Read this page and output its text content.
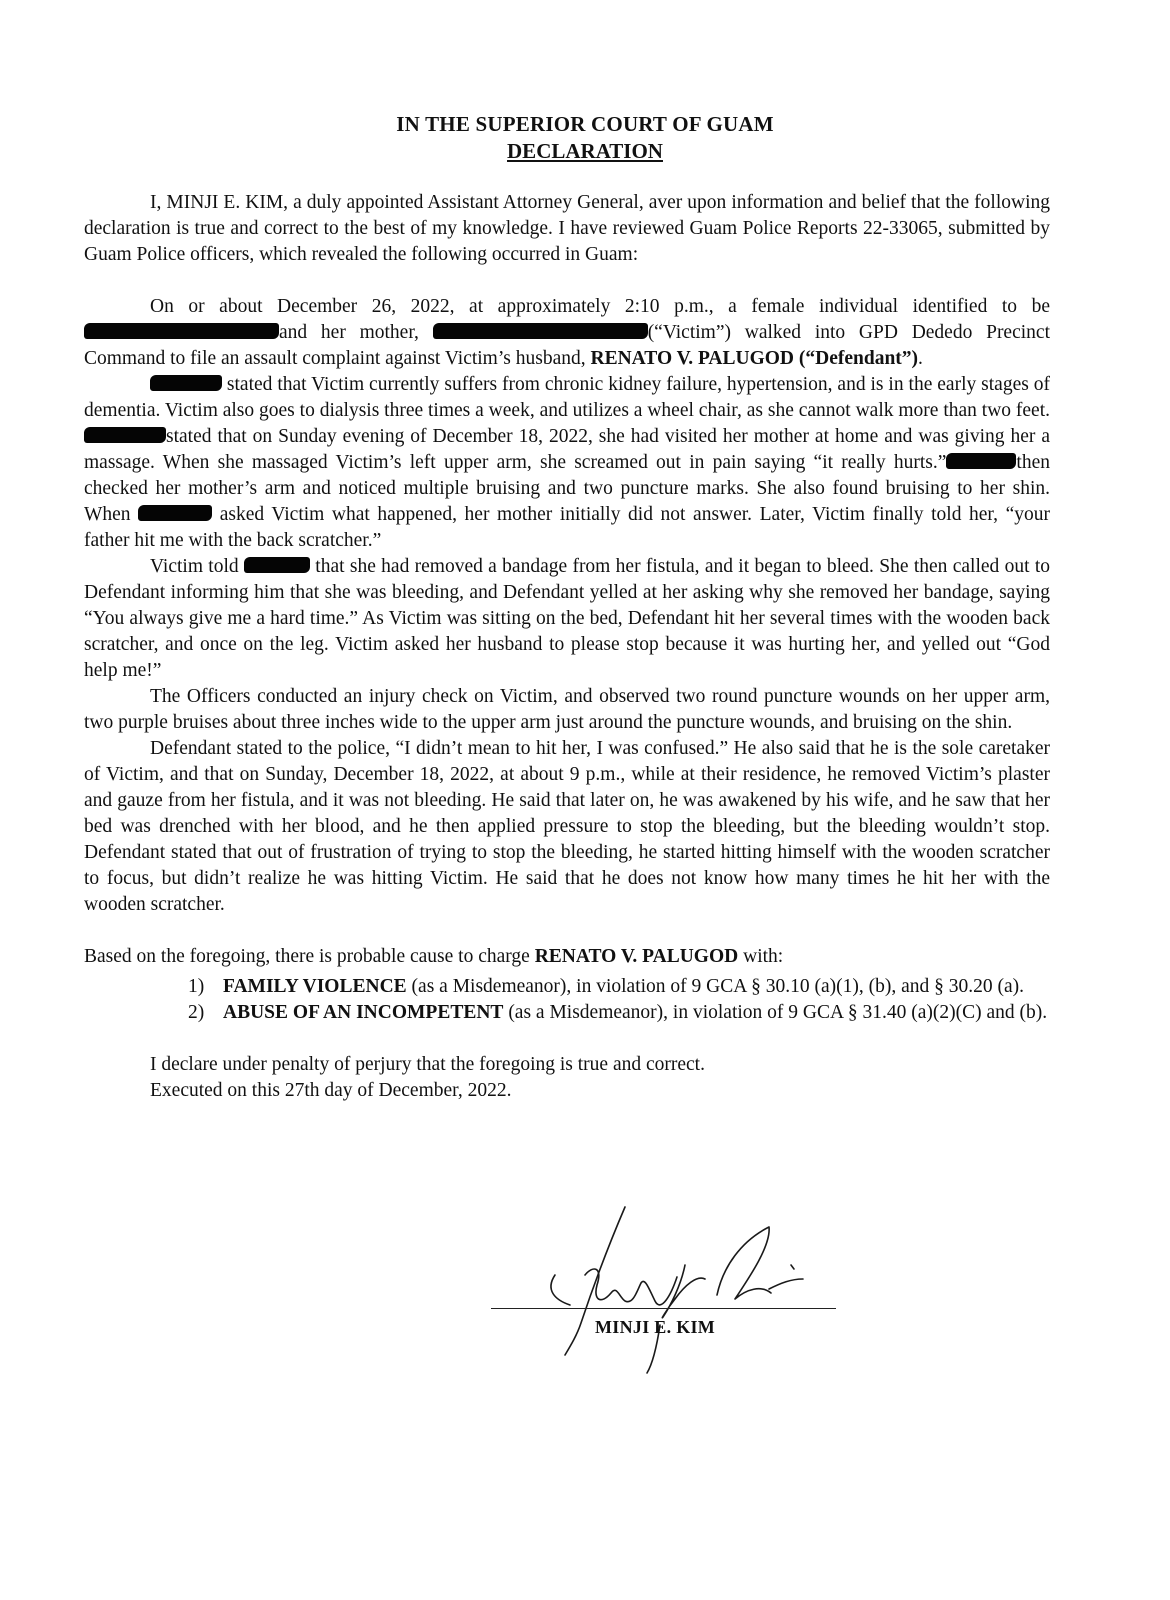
IN THE SUPERIOR COURT OF GUAM
DECLARATION

I, MINJI E. KIM, a duly appointed Assistant Attorney General, aver upon information and belief that the following declaration is true and correct to the best of my knowledge. I have reviewed Guam Police Reports 22-33065, submitted by Guam Police officers, which revealed the following occurred in Guam:

On or about December 26, 2022, at approximately 2:10 p.m., a female individual identified to be and her mother,	(“Victim”) walked into GPD Dededo Precinct Command to file an assault complaint against Victim’s husband, RENATO V. PALUGOD (“Defendant”).

stated that Victim currently suffers from chronic kidney failure, hypertension, and is in the early stages of dementia. Victim also goes to dialysis three times a week, and utilizes a wheel chair, as she cannot walk more than two feet. stated that on Sunday evening of December 18, 2022, she had visited her mother at home and was giving her a massage. When she massaged Victim’s left upper arm, she screamed out in pain saying “it really hurts.”	then checked her mother’s arm and noticed multiple bruising and two puncture marks. She also found bruising to her shin. When	asked Victim what happened, her mother initially did not answer. Later, Victim finally told her, “your father hit me with the back scratcher.”

Victim told	that she had removed a bandage from her fistula, and it began to bleed. She then called out to Defendant informing him that she was bleeding, and Defendant yelled at her asking why she removed her bandage, saying “You always give me a hard time.” As Victim was sitting on the bed, Defendant hit her several times with the wooden back scratcher, and once on the leg. Victim asked her husband to please stop because it was hurting her, and yelled out “God help me!”

The Officers conducted an injury check on Victim, and observed two round puncture wounds on her upper arm, two purple bruises about three inches wide to the upper arm just around the puncture wounds, and bruising on the shin.

Defendant stated to the police, “I didn’t mean to hit her, I was confused.” He also said that he is the sole caretaker of Victim, and that on Sunday, December 18, 2022, at about 9 p.m., while at their residence, he removed Victim’s plaster and gauze from her fistula, and it was not bleeding. He said that later on, he was awakened by his wife, and he saw that her bed was drenched with her blood, and he then applied pressure to stop the bleeding, but the bleeding wouldn’t stop. Defendant stated that out of frustration of trying to stop the bleeding, he started hitting himself with the wooden scratcher to focus, but didn’t realize he was hitting Victim. He said that he does not know how many times he hit her with the wooden scratcher.

Based on the foregoing, there is probable cause to charge RENATO V. PALUGOD with:
1) FAMILY VIOLENCE (as a Misdemeanor), in violation of 9 GCA § 30.10 (a)(1), (b), and § 30.20 (a).
2) ABUSE OF AN INCOMPETENT (as a Misdemeanor), in violation of 9 GCA § 31.40 (a)(2)(C) and (b).
I declare under penalty of perjury that the foregoing is true and correct.
Executed on this 27th day of December, 2022.
MINJI E. KIM
